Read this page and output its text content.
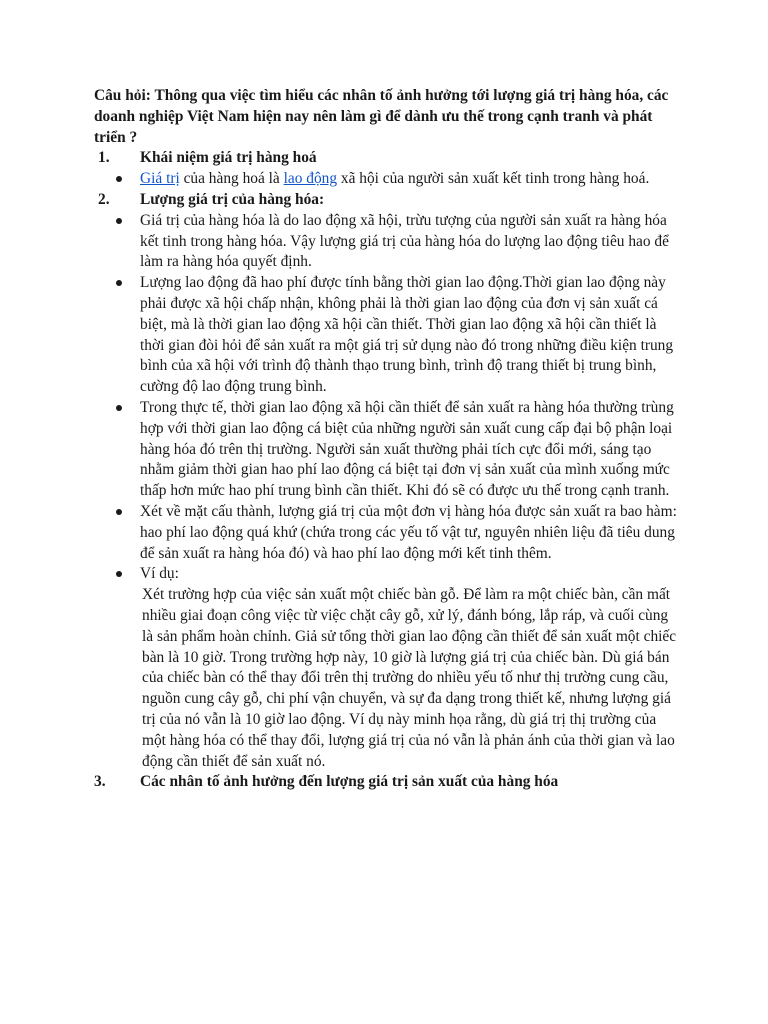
Câu hỏi: Thông qua việc tìm hiểu các nhân tố ảnh hưởng tới lượng giá trị hàng hóa, các doanh nghiệp Việt Nam hiện nay nên làm gì để dành ưu thế trong cạnh tranh và phát triển ?

1. Khái niệm giá trị hàng hoá

Giá trị của hàng hoá là lao động xã hội của người sản xuất kết tinh trong hàng hoá.

2. Lượng giá trị của hàng hóa:

Giá trị của hàng hóa là do lao động xã hội, trừu tượng của người sản xuất ra hàng hóa kết tinh trong hàng hóa. Vậy lượng giá trị của hàng hóa do lượng lao động tiêu hao để làm ra hàng hóa quyết định.
Lượng lao động đã hao phí được tính bằng thời gian lao động.Thời gian lao động này phải được xã hội chấp nhận, không phải là thời gian lao động của đơn vị sản xuất cá biệt, mà là thời gian lao động xã hội cần thiết. Thời gian lao động xã hội cần thiết là thời gian đòi hỏi để sản xuất ra một giá trị sử dụng nào đó trong những điều kiện trung bình của xã hội với trình độ thành thạo trung bình, trình độ trang thiết bị trung bình, cường độ lao động trung bình.
Trong thực tế, thời gian lao động xã hội cần thiết để sản xuất ra hàng hóa thường trùng hợp với thời gian lao động cá biệt của những người sản xuất cung cấp đại bộ phận loại hàng hóa đó trên thị trường. Người sản xuất thường phải tích cực đổi mới, sáng tạo nhằm giảm thời gian hao phí lao động cá biệt tại đơn vị sản xuất của mình xuống mức thấp hơn mức hao phí trung bình cần thiết. Khi đó sẽ có được ưu thế trong cạnh tranh.
Xét về mặt cấu thành, lượng giá trị của một đơn vị hàng hóa được sản xuất ra bao hàm: hao phí lao động quá khứ (chứa trong các yếu tố vật tư, nguyên nhiên liệu đã tiêu dung để sản xuất ra hàng hóa đó) và hao phí lao động mới kết tinh thêm.
Ví dụ:

Xét trường hợp của việc sản xuất một chiếc bàn gỗ. Để làm ra một chiếc bàn, cần mất nhiều giai đoạn công việc từ việc chặt cây gỗ, xử lý, đánh bóng, lắp ráp, và cuối cùng là sản phẩm hoàn chỉnh. Giả sử tổng thời gian lao động cần thiết để sản xuất một chiếc bàn là 10 giờ. Trong trường hợp này, 10 giờ là lượng giá trị của chiếc bàn. Dù giá bán của chiếc bàn có thể thay đổi trên thị trường do nhiều yếu tố như thị trường cung cầu, nguồn cung cây gỗ, chi phí vận chuyển, và sự đa dạng trong thiết kế, nhưng lượng giá trị của nó vẫn là 10 giờ lao động. Ví dụ này minh họa rằng, dù giá trị thị trường của một hàng hóa có thể thay đổi, lượng giá trị của nó vẫn là phản ánh của thời gian và lao động cần thiết để sản xuất nó.

3. Các nhân tố ảnh hưởng đến lượng giá trị sản xuất của hàng hóa
